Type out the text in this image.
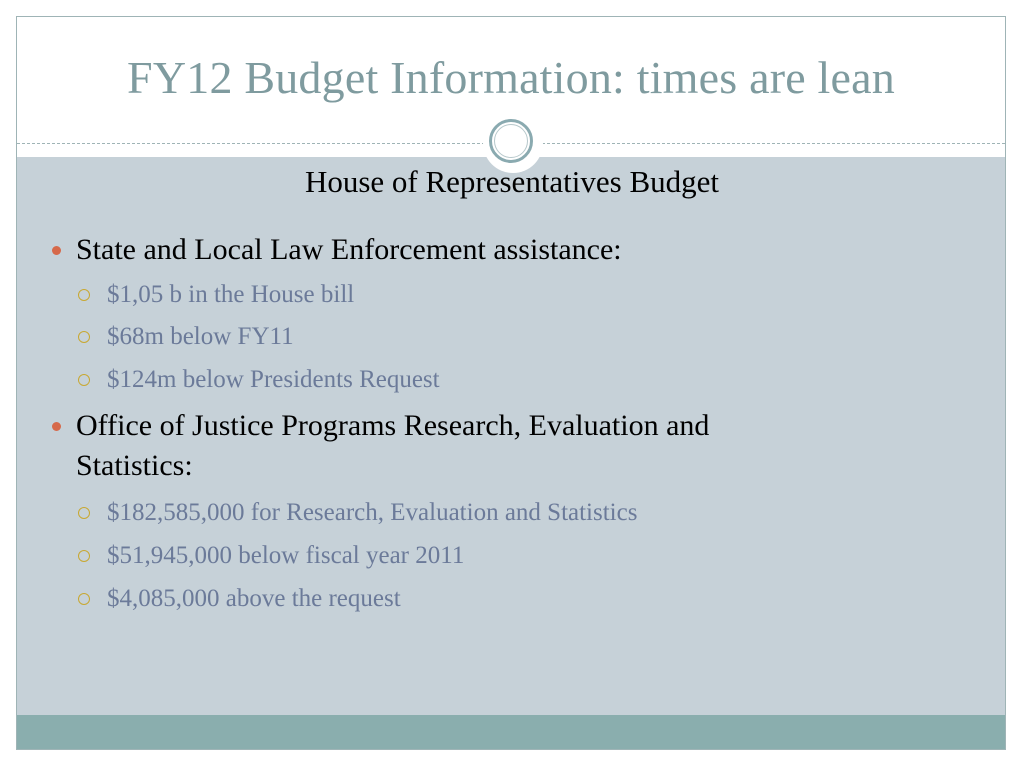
FY12 Budget Information: times are lean
House of Representatives Budget
State and Local Law Enforcement assistance:
$1,05 b in the House bill
$68m below FY11
$124m below Presidents Request
Office of Justice Programs Research, Evaluation and
Statistics:
$182,585,000 for Research, Evaluation and Statistics
$51,945,000 below fiscal year 2011
$4,085,000 above the request
